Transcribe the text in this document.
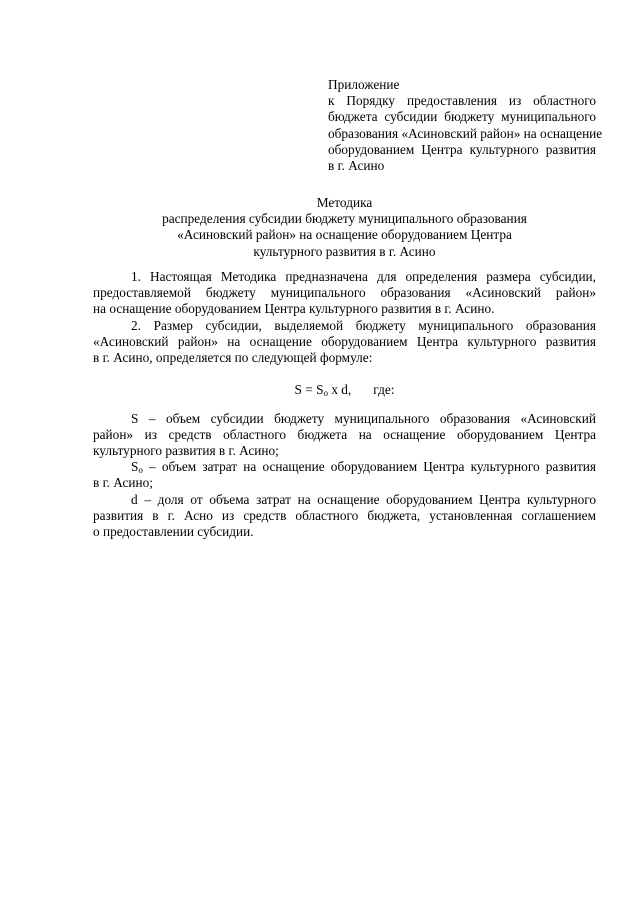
Приложение
к Порядку предоставления из областного
бюджета субсидии бюджету муниципального
образования «Асиновский район» на оснащение
оборудованием Центра культурного развития
в г. Асино
Методика
распределения субсидии бюджету муниципального образования
«Асиновский район» на оснащение оборудованием Центра
культурного развития в г. Асино
1. Настоящая Методика предназначена для определения размера субсидии,
предоставляемой бюджету муниципального образования «Асиновский район»
на оснащение оборудованием Центра культурного развития в г. Асино.
2. Размер субсидии, выделяемой бюджету муниципального образования
«Асиновский район» на оснащение оборудованием Центра культурного развития
в г. Асино, определяется по следующей формуле:
$S = S_o$ x d, где:
S – объем субсидии бюджету муниципального образования «Асиновский
район» из средств областного бюджета на оснащение оборудованием Центра
культурного развития в г. Асино;
$S_o$ – объем затрат на оснащение оборудованием Центра культурного развития
в г. Асино;
d – доля от объема затрат на оснащение оборудованием Центра культурного
развития в г. Асно из средств областного бюджета, установленная соглашением
о предоставлении субсидии.
